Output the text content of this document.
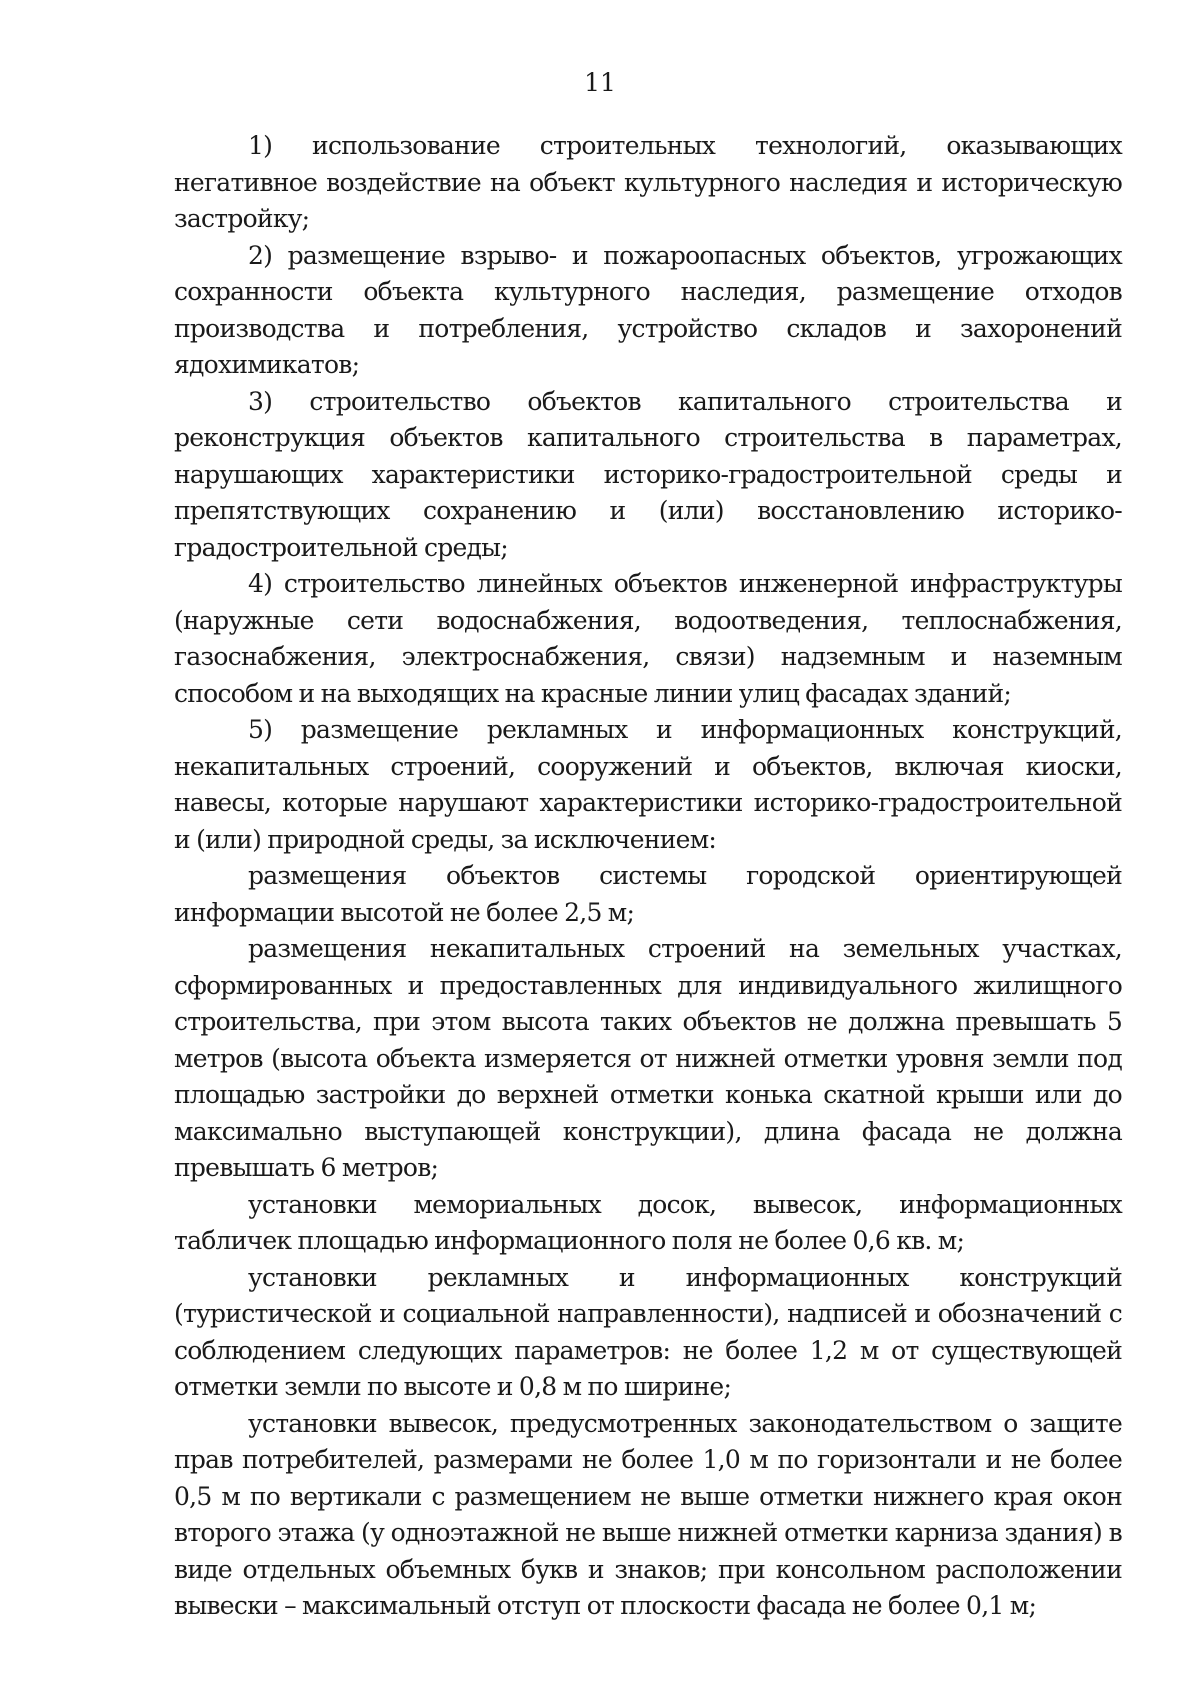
11

1) использование строительных технологий, оказывающих негативное воздействие на объект культурного наследия и историческую застройку;

2) размещение взрыво- и пожароопасных объектов, угрожающих сохранности объекта культурного наследия, размещение отходов производства и потребления, устройство складов и захоронений ядохимикатов;

3) строительство объектов капитального строительства и реконструкция объектов капитального строительства в параметрах, нарушающих характеристики историко-градостроительной среды и препятствующих сохранению и (или) восстановлению историко-градостроительной среды;

4) строительство линейных объектов инженерной инфраструктуры (наружные сети водоснабжения, водоотведения, теплоснабжения, газоснабжения, электроснабжения, связи) надземным и наземным способом и на выходящих на красные линии улиц фасадах зданий;

5) размещение рекламных и информационных конструкций, некапитальных строений, сооружений и объектов, включая киоски, навесы, которые нарушают характеристики историко-градостроительной и (или) природной среды, за исключением:

размещения объектов системы городской ориентирующей информации высотой не более 2,5 м;

размещения некапитальных строений на земельных участках, сформированных и предоставленных для индивидуального жилищного строительства, при этом высота таких объектов не должна превышать 5 метров (высота объекта измеряется от нижней отметки уровня земли под площадью застройки до верхней отметки конька скатной крыши или до максимально выступающей конструкции), длина фасада не должна превышать 6 метров;

установки мемориальных досок, вывесок, информационных табличек площадью информационного поля не более 0,6 кв. м;

установки рекламных и информационных конструкций (туристической и социальной направленности), надписей и обозначений с соблюдением следующих параметров: не более 1,2 м от существующей отметки земли по высоте и 0,8 м по ширине;

установки вывесок, предусмотренных законодательством о защите прав потребителей, размерами не более 1,0 м по горизонтали и не более 0,5 м по вертикали с размещением не выше отметки нижнего края окон второго этажа (у одноэтажной не выше нижней отметки карниза здания) в виде отдельных объемных букв и знаков; при консольном расположении вывески – максимальный отступ от плоскости фасада не более 0,1 м;
